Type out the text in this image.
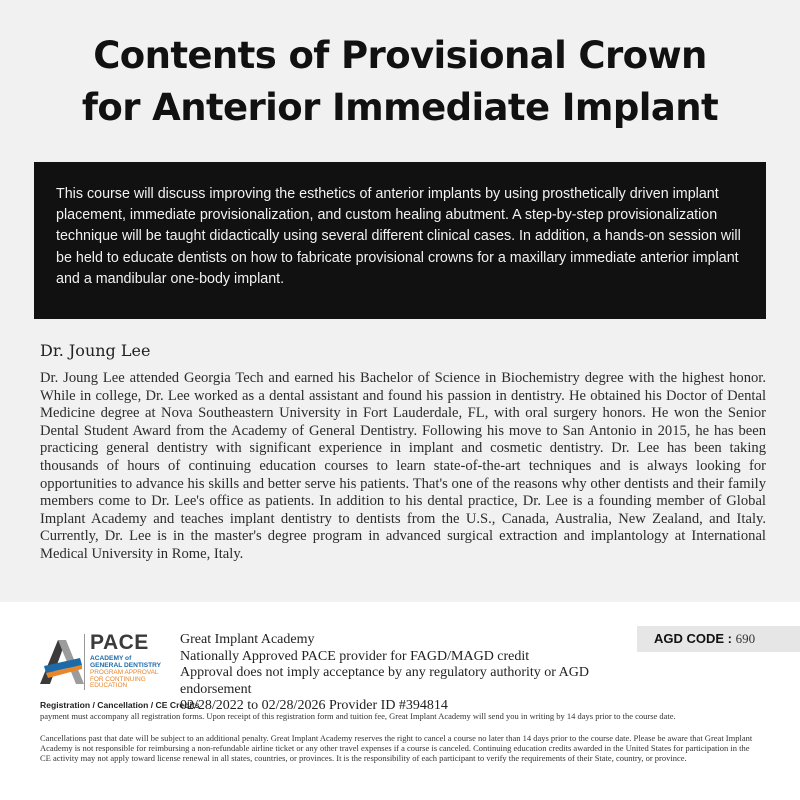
Contents of Provisional Crown
for Anterior Immediate Implant

This course will discuss improving the esthetics of anterior implants by using prosthetically driven implant placement, immediate provisionalization, and custom healing abutment. A step-by-step provisionalization technique will be taught didactically using several different clinical cases. In addition, a hands-on session will be held to educate dentists on how to fabricate provisional crowns for a maxillary immediate anterior implant and a mandibular one-body implant.

Dr. Joung Lee

Dr. Joung Lee attended Georgia Tech and earned his Bachelor of Science in Biochemistry degree with the highest honor. While in college, Dr. Lee worked as a dental assistant and found his passion in dentistry. He obtained his Doctor of Dental Medicine degree at Nova Southeastern University in Fort Lauderdale, FL, with oral surgery honors. He won the Senior Dental Student Award from the Academy of General Dentistry. Following his move to San Antonio in 2015, he has been practicing general dentistry with significant experience in implant and cosmetic dentistry. Dr. Lee has been taking thousands of hours of continuing education courses to learn state-of-the-art techniques and is always looking for opportunities to advance his skills and better serve his patients. That's one of the reasons why other dentists and their family members come to Dr. Lee's office as patients. In addition to his dental practice, Dr. Lee is a founding member of Global Implant Academy and teaches implant dentistry to dentists from the U.S., Canada, Australia, New Zealand, and Italy. Currently, Dr. Lee is in the master's degree program in advanced surgical extraction and implantology at International Medical University in Rome, Italy.

PACE
ACADEMY of
GENERAL DENTISTRY
PROGRAM APPROVAL FOR CONTINUING EDUCATION
Great Implant Academy
Nationally Approved PACE provider for FAGD/MAGD credit
Approval does not imply acceptance by any regulatory authority or AGD endorsement
02/28/2022 to 02/28/2026 Provider ID #394814
AGD CODE : 690
Registration / Cancellation / CE Credits

payment must accompany all registration forms. Upon receipt of this registration form and tuition fee, Great Implant Academy will send you in writing by 14 days prior to the course date.

Cancellations past that date will be subject to an additional penalty. Great Implant Academy reserves the right to cancel a course no later than 14 days prior to the course date. Please be aware that Great Implant Academy is not responsible for reimbursing a non-refundable airline ticket or any other travel expenses if a course is canceled. Continuing education credits awarded in the United States for participation in the CE activity may not apply toward license renewal in all states, countries, or provinces. It is the responsibility of each participant to verify the requirements of their State, country, or province.
